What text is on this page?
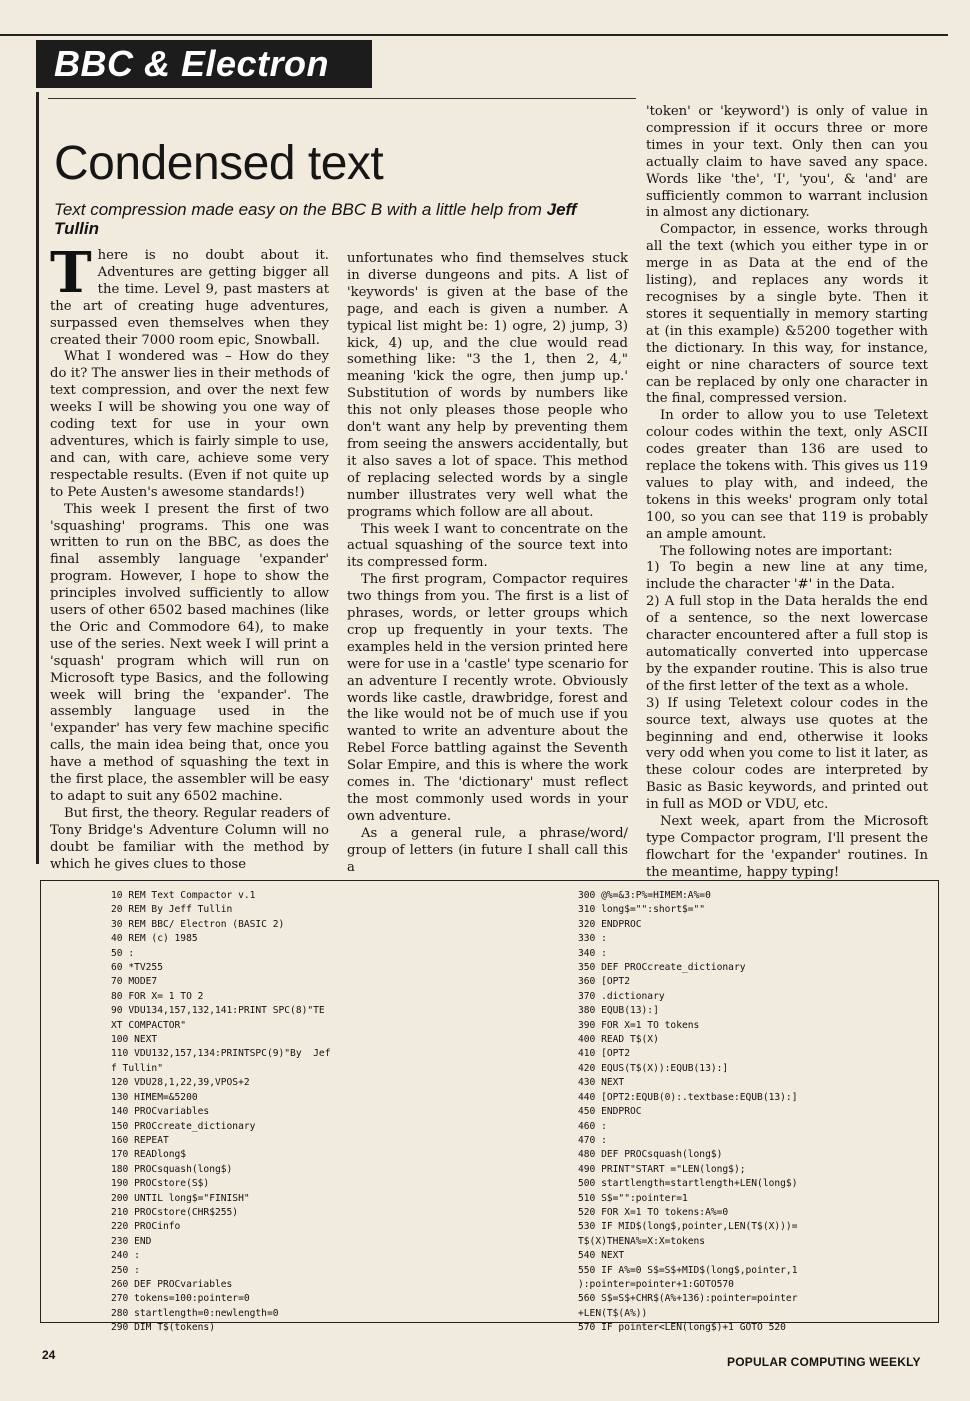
BBC & Electron
Condensed text

Text compression made easy on the BBC B with a little help from Jeff Tullin

There is no doubt about it. Adventures are getting bigger all the time. Level 9, past masters at the art of creating huge adventures, surpassed even themselves when they created their 7000 room epic, Snowball.

What I wondered was – How do they do it? The answer lies in their methods of text compression, and over the next few weeks I will be showing you one way of coding text for use in your own adventures, which is fairly simple to use, and can, with care, achieve some very respectable results. (Even if not quite up to Pete Austen's awesome standards!)

This week I present the first of two 'squashing' programs. This one was written to run on the BBC, as does the final assembly language 'expander' program. However, I hope to show the principles involved sufficiently to allow users of other 6502 based machines (like the Oric and Commodore 64), to make use of the series. Next week I will print a 'squash' program which will run on Microsoft type Basics, and the following week will bring the 'expander'. The assembly language used in the 'expander' has very few machine specific calls, the main idea being that, once you have a method of squashing the text in the first place, the assembler will be easy to adapt to suit any 6502 machine.

But first, the theory. Regular readers of Tony Bridge's Adventure Column will no doubt be familiar with the method by which he gives clues to those

unfortunates who find themselves stuck in diverse dungeons and pits. A list of 'keywords' is given at the base of the page, and each is given a number. A typical list might be: 1) ogre, 2) jump, 3) kick, 4) up, and the clue would read something like: "3 the 1, then 2, 4," meaning 'kick the ogre, then jump up.' Substitution of words by numbers like this not only pleases those people who don't want any help by preventing them from seeing the answers accidentally, but it also saves a lot of space. This method of replacing selected words by a single number illustrates very well what the programs which follow are all about.

This week I want to concentrate on the actual squashing of the source text into its compressed form.

The first program, Compactor requires two things from you. The first is a list of phrases, words, or letter groups which crop up frequently in your texts. The examples held in the version printed here were for use in a 'castle' type scenario for an adventure I recently wrote. Obviously words like castle, drawbridge, forest and the like would not be of much use if you wanted to write an adventure about the Rebel Force battling against the Seventh Solar Empire, and this is where the work comes in. The 'dictionary' must reflect the most commonly used words in your own adventure.

As a general rule, a phrase/word/ group of letters (in future I shall call this a

'token' or 'keyword') is only of value in compression if it occurs three or more times in your text. Only then can you actually claim to have saved any space. Words like 'the', 'I', 'you', & 'and' are sufficiently common to warrant inclusion in almost any dictionary.

Compactor, in essence, works through all the text (which you either type in or merge in as Data at the end of the listing), and replaces any words it recognises by a single byte. Then it stores it sequentially in memory starting at (in this example) &5200 together with the dictionary. In this way, for instance, eight or nine characters of source text can be replaced by only one character in the final, compressed version.

In order to allow you to use Teletext colour codes within the text, only ASCII codes greater than 136 are used to replace the tokens with. This gives us 119 values to play with, and indeed, the tokens in this weeks' program only total 100, so you can see that 119 is probably an ample amount.

The following notes are important:

1) To begin a new line at any time, include the character '#' in the Data.

2) A full stop in the Data heralds the end of a sentence, so the next lowercase character encountered after a full stop is automatically converted into uppercase by the expander routine. This is also true of the first letter of the text as a whole.

3) If using Teletext colour codes in the source text, always use quotes at the beginning and end, otherwise it looks very odd when you come to list it later, as these colour codes are interpreted by Basic as Basic keywords, and printed out in full as MOD or VDU, etc.

Next week, apart from the Microsoft type Compactor program, I'll present the flowchart for the 'expander' routines. In the meantime, happy typing!

10 REM Text Compactor v.1
20 REM By Jeff Tullin
30 REM BBC/ Electron (BASIC 2)
40 REM (c) 1985
50 :
60 *TV255
70 MODE7
80 FOR X= 1 TO 2
90 VDU134,157,132,141:PRINT SPC(8)"TE
XT COMPACTOR"
100 NEXT
110 VDU132,157,134:PRINTSPC(9)"By  Jef
f Tullin"
120 VDU28,1,22,39,VPOS+2
130 HIMEM=&5200
140 PROCvariables
150 PROCcreate_dictionary
160 REPEAT
170 READlong$
180 PROCsquash(long$)
190 PROCstore(S$)
200 UNTIL long$="FINISH"
210 PROCstore(CHR$255)
220 PROCinfo
230 END
240 :
250 :
260 DEF PROCvariables
270 tokens=100:pointer=0
280 startlength=0:newlength=0
290 DIM T$(tokens)
300 @%=&3:P%=HIMEM:A%=0
310 long$="":short$=""
320 ENDPROC
330 :
340 :
350 DEF PROCcreate_dictionary
360 [OPT2
370 .dictionary
380 EQUB(13):]
390 FOR X=1 TO tokens
400 READ T$(X)
410 [OPT2
420 EQUS(T$(X)):EQUB(13):]
430 NEXT
440 [OPT2:EQUB(0):.textbase:EQUB(13):]
450 ENDPROC
460 :
470 :
480 DEF PROCsquash(long$)
490 PRINT"START ="LEN(long$);
500 startlength=startlength+LEN(long$)
510 S$="":pointer=1
520 FOR X=1 TO tokens:A%=0
530 IF MID$(long$,pointer,LEN(T$(X)))=
T$(X)THENA%=X:X=tokens
540 NEXT
550 IF A%=0 S$=S$+MID$(long$,pointer,1
):pointer=pointer+1:GOTO570
560 S$=S$+CHR$(A%+136):pointer=pointer
+LEN(T$(A%))
570 IF pointer<LEN(long$)+1 GOTO 520
24	POPULAR COMPUTING WEEKLY
